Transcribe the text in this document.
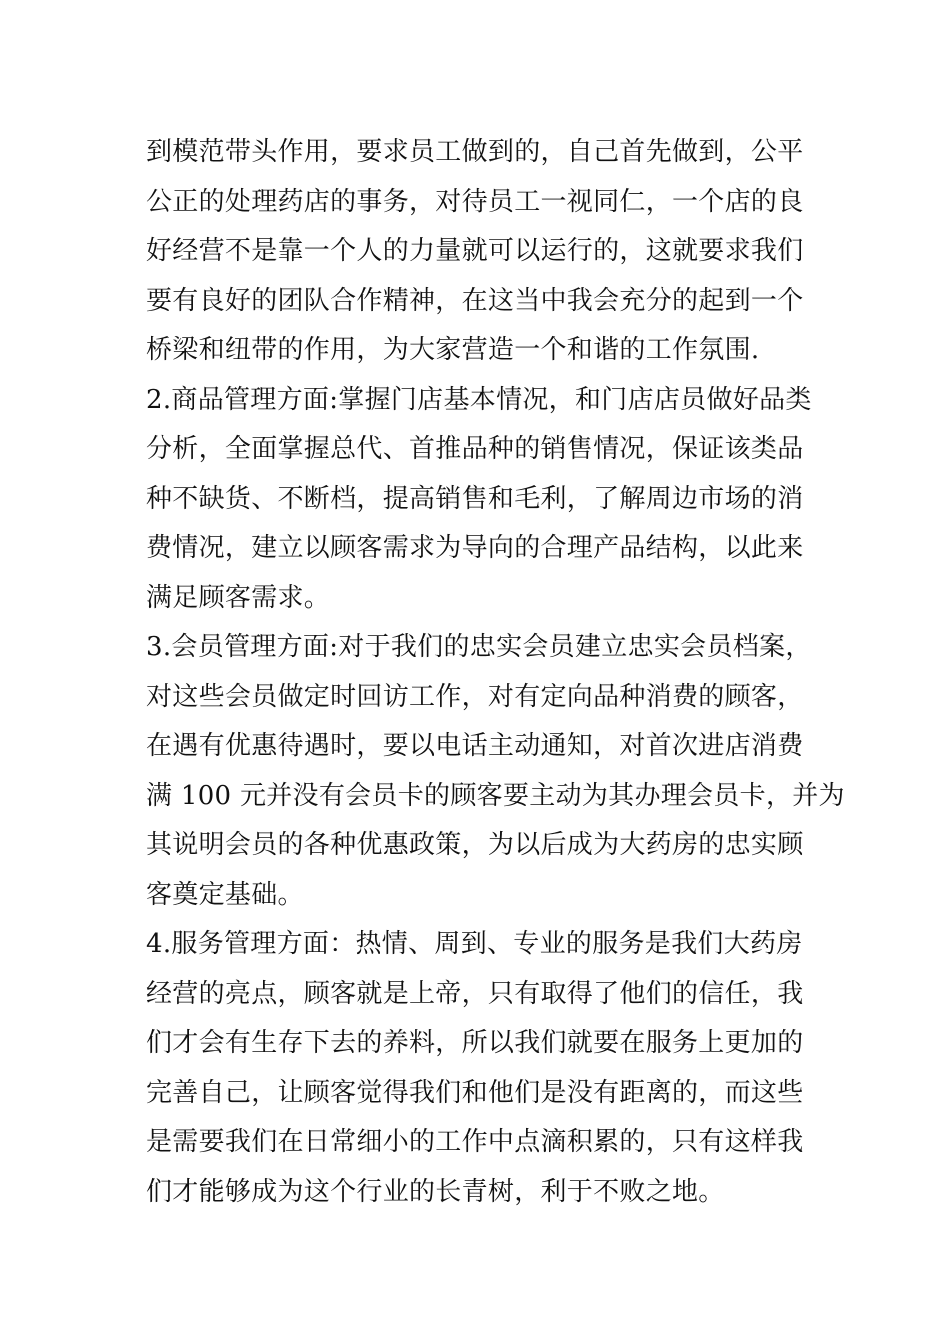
到模范带头作用，要求员工做到的，自己首先做到，公平
公正的处理药店的事务，对待员工一视同仁，一个店的良
好经营不是靠一个人的力量就可以运行的，这就要求我们
要有良好的团队合作精神，在这当中我会充分的起到一个
桥梁和纽带的作用，为大家营造一个和谐的工作氛围.
2.商品管理方面:掌握门店基本情况，和门店店员做好品类
分析，全面掌握总代、首推品种的销售情况，保证该类品
种不缺货、不断档，提高销售和毛利，了解周边市场的消
费情况，建立以顾客需求为导向的合理产品结构，以此来
满足顾客需求。
3.会员管理方面:对于我们的忠实会员建立忠实会员档案，
对这些会员做定时回访工作，对有定向品种消费的顾客，
在遇有优惠待遇时，要以电话主动通知，对首次进店消费
满 100 元并没有会员卡的顾客要主动为其办理会员卡，并为
其说明会员的各种优惠政策，为以后成为大药房的忠实顾
客奠定基础。
4.服务管理方面：热情、周到、专业的服务是我们大药房
经营的亮点，顾客就是上帝，只有取得了他们的信任，我
们才会有生存下去的养料，所以我们就要在服务上更加的
完善自己，让顾客觉得我们和他们是没有距离的，而这些
是需要我们在日常细小的工作中点滴积累的，只有这样我
们才能够成为这个行业的长青树，利于不败之地。
